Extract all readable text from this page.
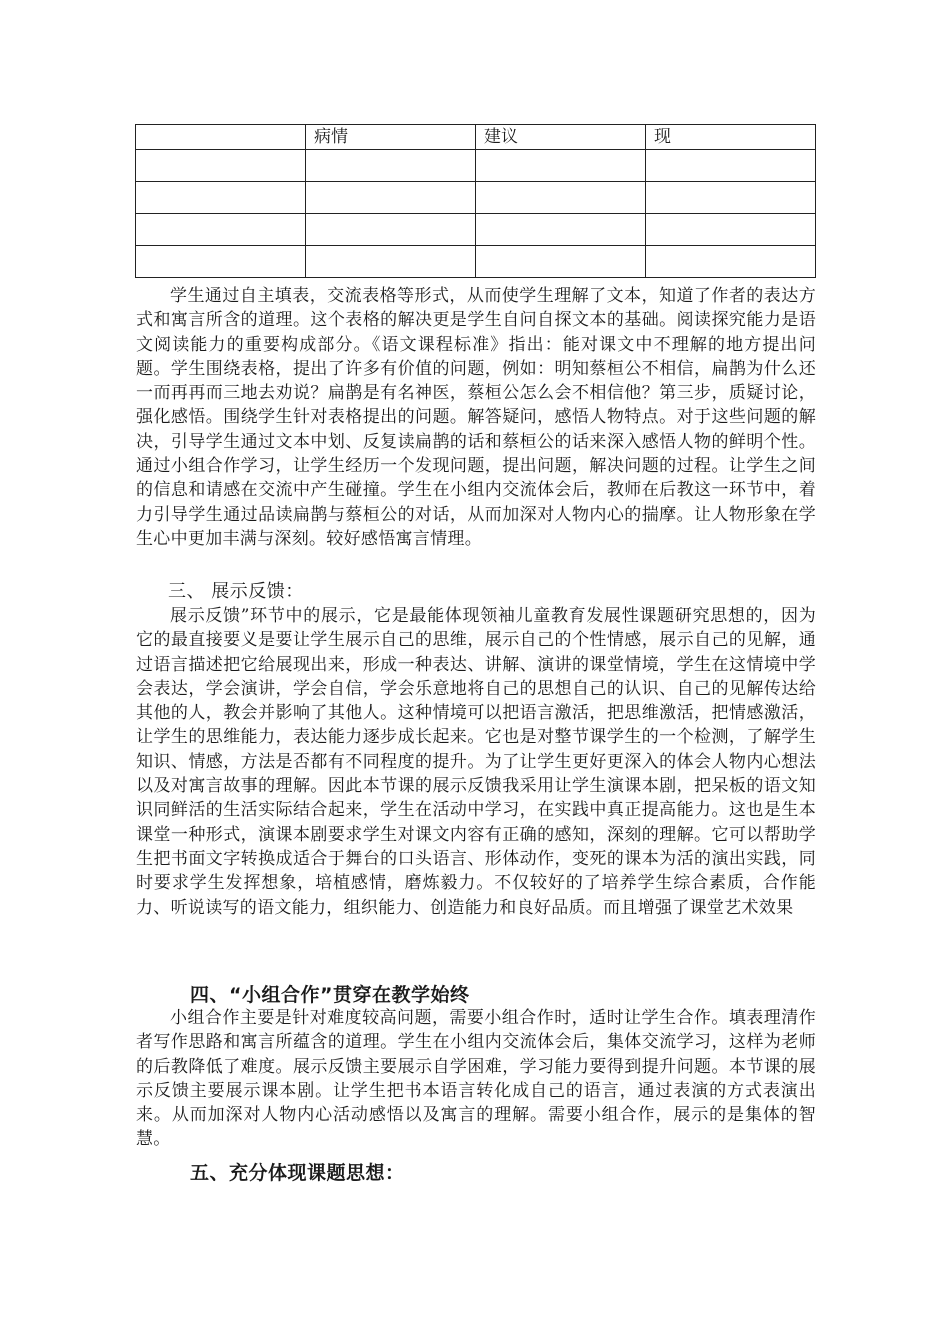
	病情	建议	现

学生通过自主填表，交流表格等形式，从而使学生理解了文本，知道了作者的表达方式和寓言所含的道理。这个表格的解决更是学生自问自探文本的基础。阅读探究能力是语文阅读能力的重要构成部分。《语文课程标准》指出：能对课文中不理解的地方提出问题。学生围绕表格，提出了许多有价值的问题，例如：明知蔡桓公不相信，扁鹊为什么还一而再再而三地去劝说？扁鹊是有名神医，蔡桓公怎么会不相信他？第三步，质疑讨论，强化感悟。围绕学生针对表格提出的问题。解答疑问，感悟人物特点。对于这些问题的解决，引导学生通过文本中划、反复读扁鹊的话和蔡桓公的话来深入感悟人物的鲜明个性。通过小组合作学习，让学生经历一个发现问题，提出问题，解决问题的过程。让学生之间的信息和请感在交流中产生碰撞。学生在小组内交流体会后，教师在后教这一环节中，着力引导学生通过品读扁鹊与蔡桓公的对话，从而加深对人物内心的揣摩。让人物形象在学生心中更加丰满与深刻。较好感悟寓言情理。

三、 展示反馈：

展示反馈”环节中的展示，它是最能体现领袖儿童教育发展性课题研究思想的，因为它的最直接要义是要让学生展示自己的思维，展示自己的个性情感，展示自己的见解，通过语言描述把它给展现出来，形成一种表达、讲解、演讲的课堂情境，学生在这情境中学会表达，学会演讲，学会自信，学会乐意地将自己的思想自己的认识、自己的见解传达给其他的人，教会并影响了其他人。这种情境可以把语言激活，把思维激活，把情感激活，让学生的思维能力，表达能力逐步成长起来。它也是对整节课学生的一个检测，了解学生知识、情感，方法是否都有不同程度的提升。为了让学生更好更深入的体会人物内心想法以及对寓言故事的理解。因此本节课的展示反馈我采用让学生演课本剧，把呆板的语文知识同鲜活的生活实际结合起来，学生在活动中学习，在实践中真正提高能力。这也是生本课堂一种形式，演课本剧要求学生对课文内容有正确的感知，深刻的理解。它可以帮助学生把书面文字转换成适合于舞台的口头语言、形体动作，变死的课本为活的演出实践，同时要求学生发挥想象，培植感情，磨炼毅力。不仅较好的了培养学生综合素质，合作能力、听说读写的语文能力，组织能力、创造能力和良好品质。而且增强了课堂艺术效果

四、“小组合作”贯穿在教学始终

小组合作主要是针对难度较高问题，需要小组合作时，适时让学生合作。填表理清作者写作思路和寓言所蕴含的道理。学生在小组内交流体会后，集体交流学习，这样为老师的后教降低了难度。展示反馈主要展示自学困难，学习能力要得到提升问题。本节课的展示反馈主要展示课本剧。让学生把书本语言转化成自己的语言，通过表演的方式表演出来。从而加深对人物内心活动感悟以及寓言的理解。需要小组合作，展示的是集体的智慧。

五、充分体现课题思想：
